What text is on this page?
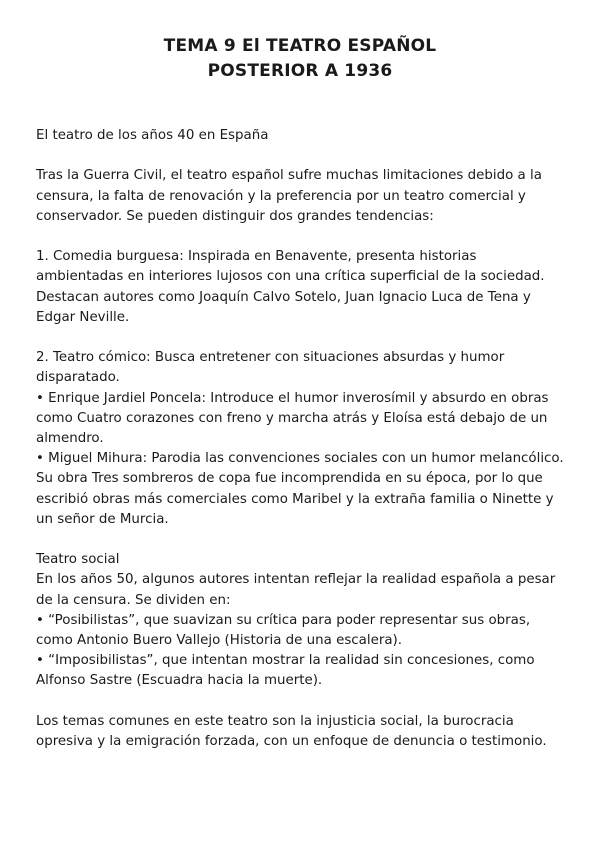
TEMA 9 El TEATRO ESPAÑOL
POSTERIOR A 1936

El teatro de los años 40 en España

Tras la Guerra Civil, el teatro español sufre muchas limitaciones debido a la censura, la falta de renovación y la preferencia por un teatro comercial y conservador. Se pueden distinguir dos grandes tendencias:

1. Comedia burguesa: Inspirada en Benavente, presenta historias ambientadas en interiores lujosos con una crítica superficial de la sociedad. Destacan autores como Joaquín Calvo Sotelo, Juan Ignacio Luca de Tena y Edgar Neville.

2. Teatro cómico: Busca entretener con situaciones absurdas y humor disparatado.

• Enrique Jardiel Poncela: Introduce el humor inverosímil y absurdo en obras como Cuatro corazones con freno y marcha atrás y Eloísa está debajo de un almendro.

• Miguel Mihura: Parodia las convenciones sociales con un humor melancólico. Su obra Tres sombreros de copa fue incomprendida en su época, por lo que escribió obras más comerciales como Maribel y la extraña familia o Ninette y un señor de Murcia.

Teatro social

En los años 50, algunos autores intentan reflejar la realidad española a pesar de la censura. Se dividen en:

• “Posibilistas”, que suavizan su crítica para poder representar sus obras, como Antonio Buero Vallejo (Historia de una escalera).

• “Imposibilistas”, que intentan mostrar la realidad sin concesiones, como Alfonso Sastre (Escuadra hacia la muerte).

Los temas comunes en este teatro son la injusticia social, la burocracia opresiva y la emigración forzada, con un enfoque de denuncia o testimonio.
